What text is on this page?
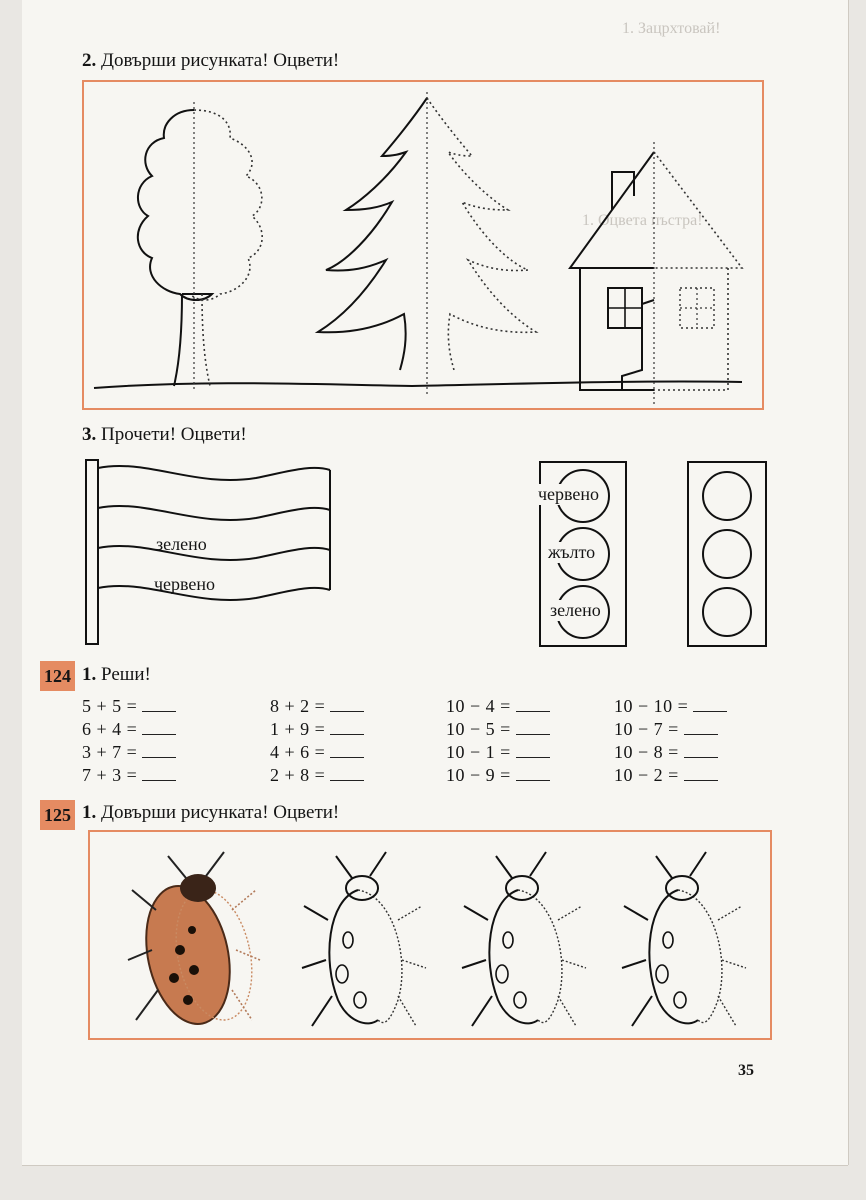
1. Зацрхтовай!
1. Оцвета пъстра!
2. Довърши рисунката! Оцвети!
3. Прочети! Оцвети!
зелено
червено
червено
жълто
зелено
124 1. Реши!
5 + 5 =
6 + 4 =
3 + 7 =
7 + 3 =
8 + 2 =
1 + 9 =
4 + 6 =
2 + 8 =
10 − 4 =
10 − 5 =
10 − 1 =
10 − 9 =
10 − 10 =
10 − 7 =
10 − 8 =
10 − 2 =
125 1. Довърши рисунката! Оцвети!
35
